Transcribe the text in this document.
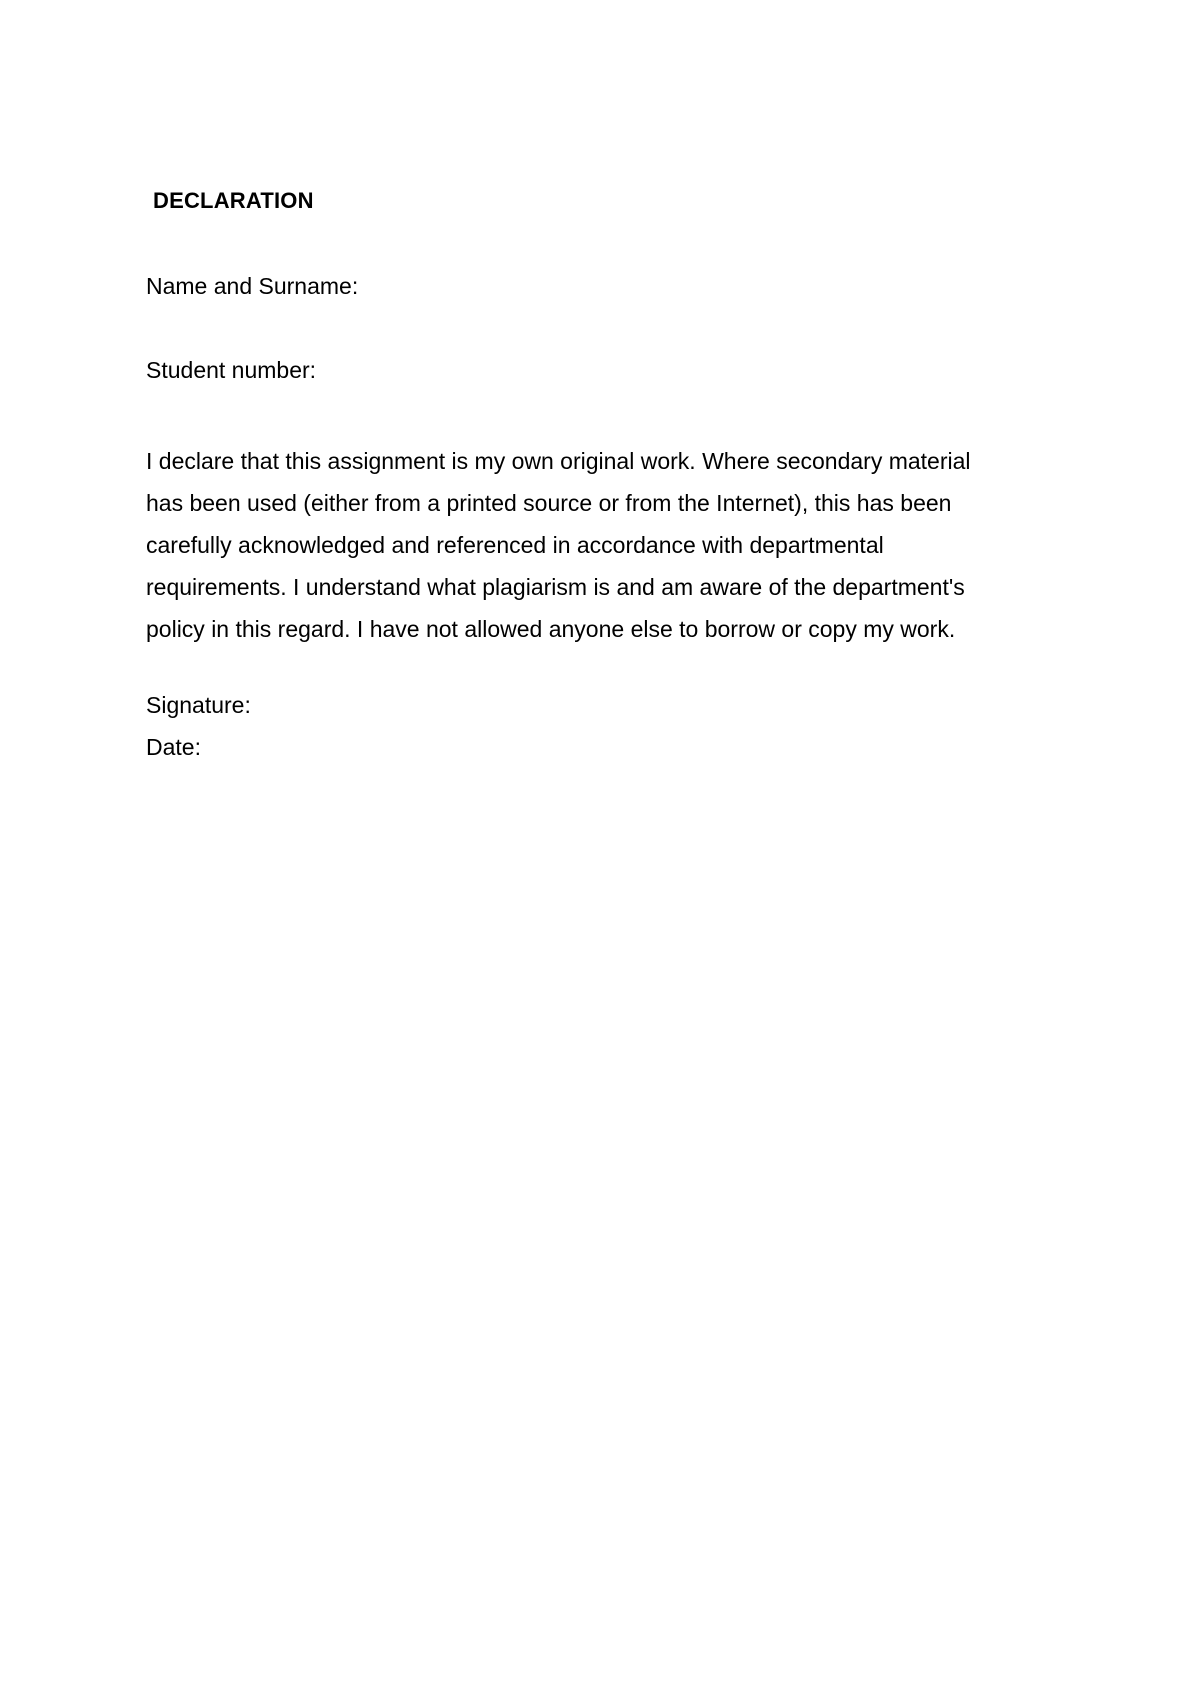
DECLARATION
Name and Surname:
Student number:
I declare that this assignment is my own original work. Where secondary material
has been used (either from a printed source or from the Internet), this has been
carefully acknowledged and referenced in accordance with departmental
requirements. I understand what plagiarism is and am aware of the department's
policy in this regard. I have not allowed anyone else to borrow or copy my work.
Signature:
Date:
